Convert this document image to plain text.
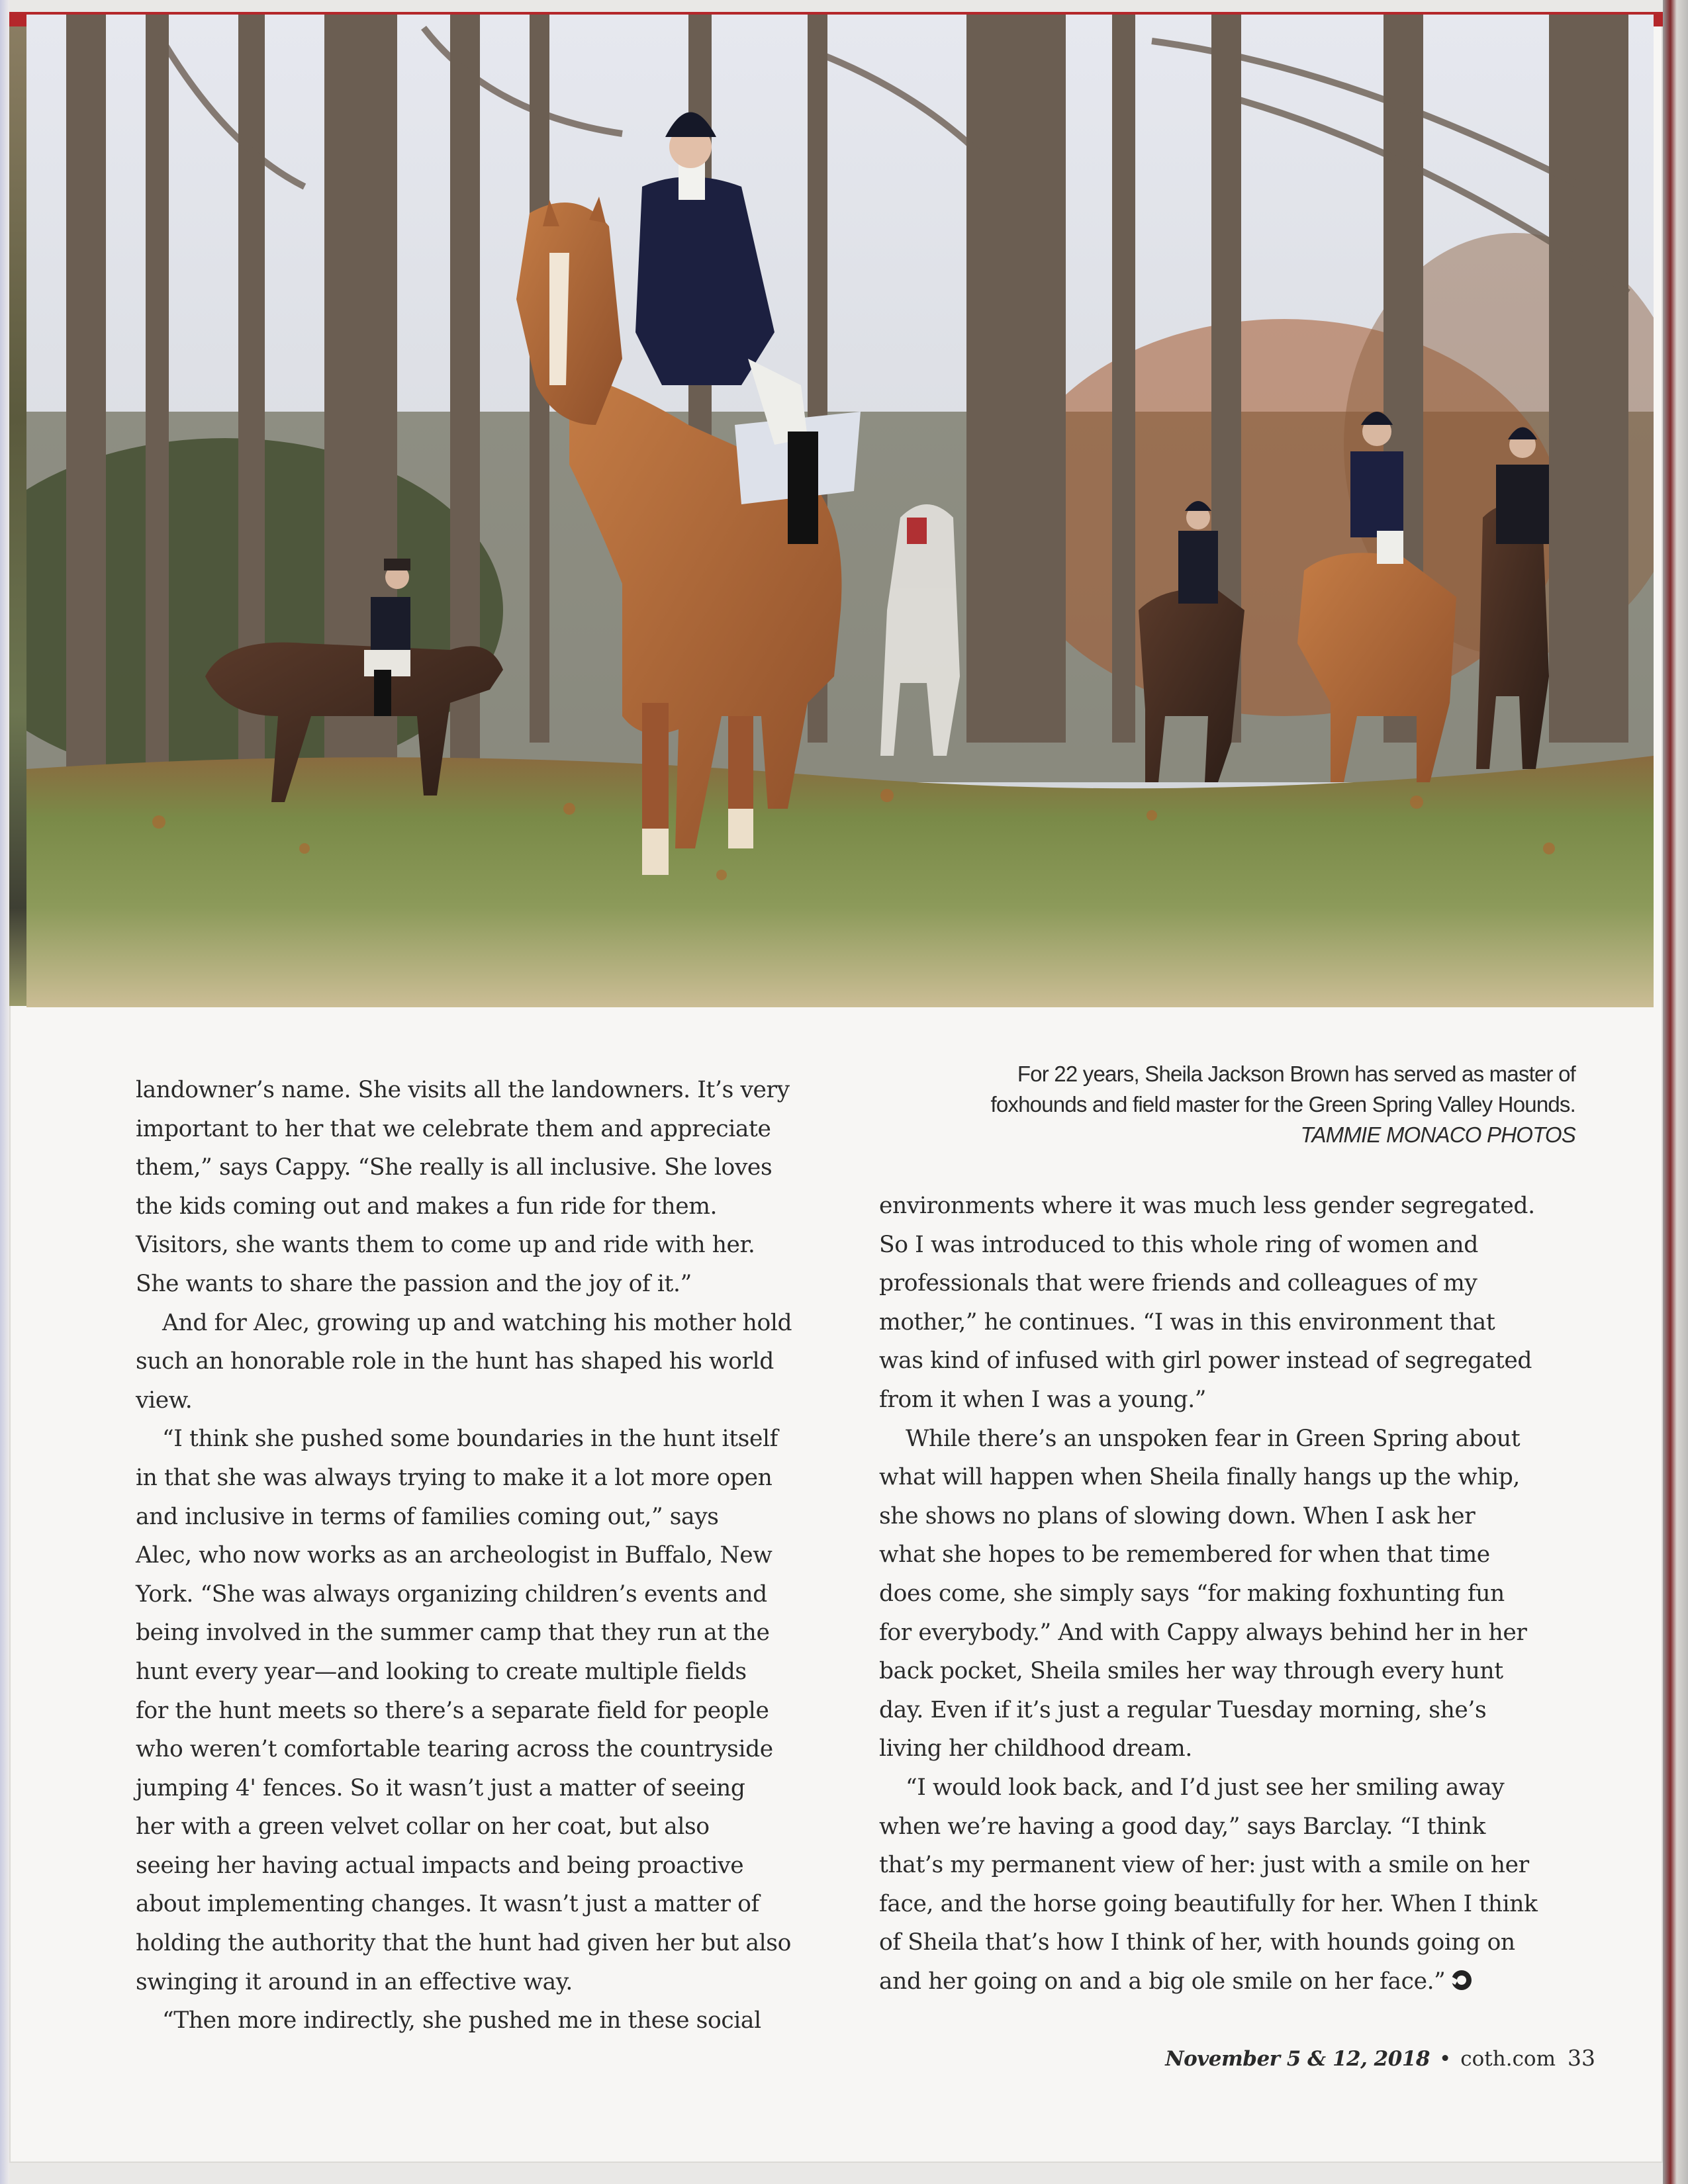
For 22 years, Sheila Jackson Brown has served as master of
foxhounds and field master for the Green Spring Valley Hounds.
TAMMIE MONACO PHOTOS

landowner’s name. She visits all the landowners. It’s very
important to her that we celebrate them and appreciate
them,” says Cappy. “She really is all inclusive. She loves
the kids coming out and makes a fun ride for them.
Visitors, she wants them to come up and ride with her.
She wants to share the passion and the joy of it.”

And for Alec, growing up and watching his mother hold
such an honorable role in the hunt has shaped his world view.

“I think she pushed some boundaries in the hunt itself
in that she was always trying to make it a lot more open
and inclusive in terms of families coming out,” says
Alec, who now works as an archeologist in Buffalo, New
York. “She was always organizing children’s events and
being involved in the summer camp that they run at the
hunt every year—and looking to create multiple fields
for the hunt meets so there’s a separate field for people
who weren’t comfortable tearing across the countryside
jumping 4' fences. So it wasn’t just a matter of seeing
her with a green velvet collar on her coat, but also
seeing her having actual impacts and being proactive
about implementing changes. It wasn’t just a matter of
holding the authority that the hunt had given her but also
swinging it around in an effective way.

“Then more indirectly, she pushed me in these social

environments where it was much less gender segregated.
So I was introduced to this whole ring of women and
professionals that were friends and colleagues of my
mother,” he continues. “I was in this environment that
was kind of infused with girl power instead of segregated
from it when I was a young.”

While there’s an unspoken fear in Green Spring about
what will happen when Sheila finally hangs up the whip,
she shows no plans of slowing down. When I ask her
what she hopes to be remembered for when that time
does come, she simply says “for making foxhunting fun
for everybody.” And with Cappy always behind her in her
back pocket, Sheila smiles her way through every hunt
day. Even if it’s just a regular Tuesday morning, she’s
living her childhood dream.

“I would look back, and I’d just see her smiling away
when we’re having a good day,” says Barclay. “I think
that’s my permanent view of her: just with a smile on her
face, and the horse going beautifully for her. When I think
of Sheila that’s how I think of her, with hounds going on
and her going on and a big ole smile on her face.”

November 5 & 12, 2018 • coth.com 33
